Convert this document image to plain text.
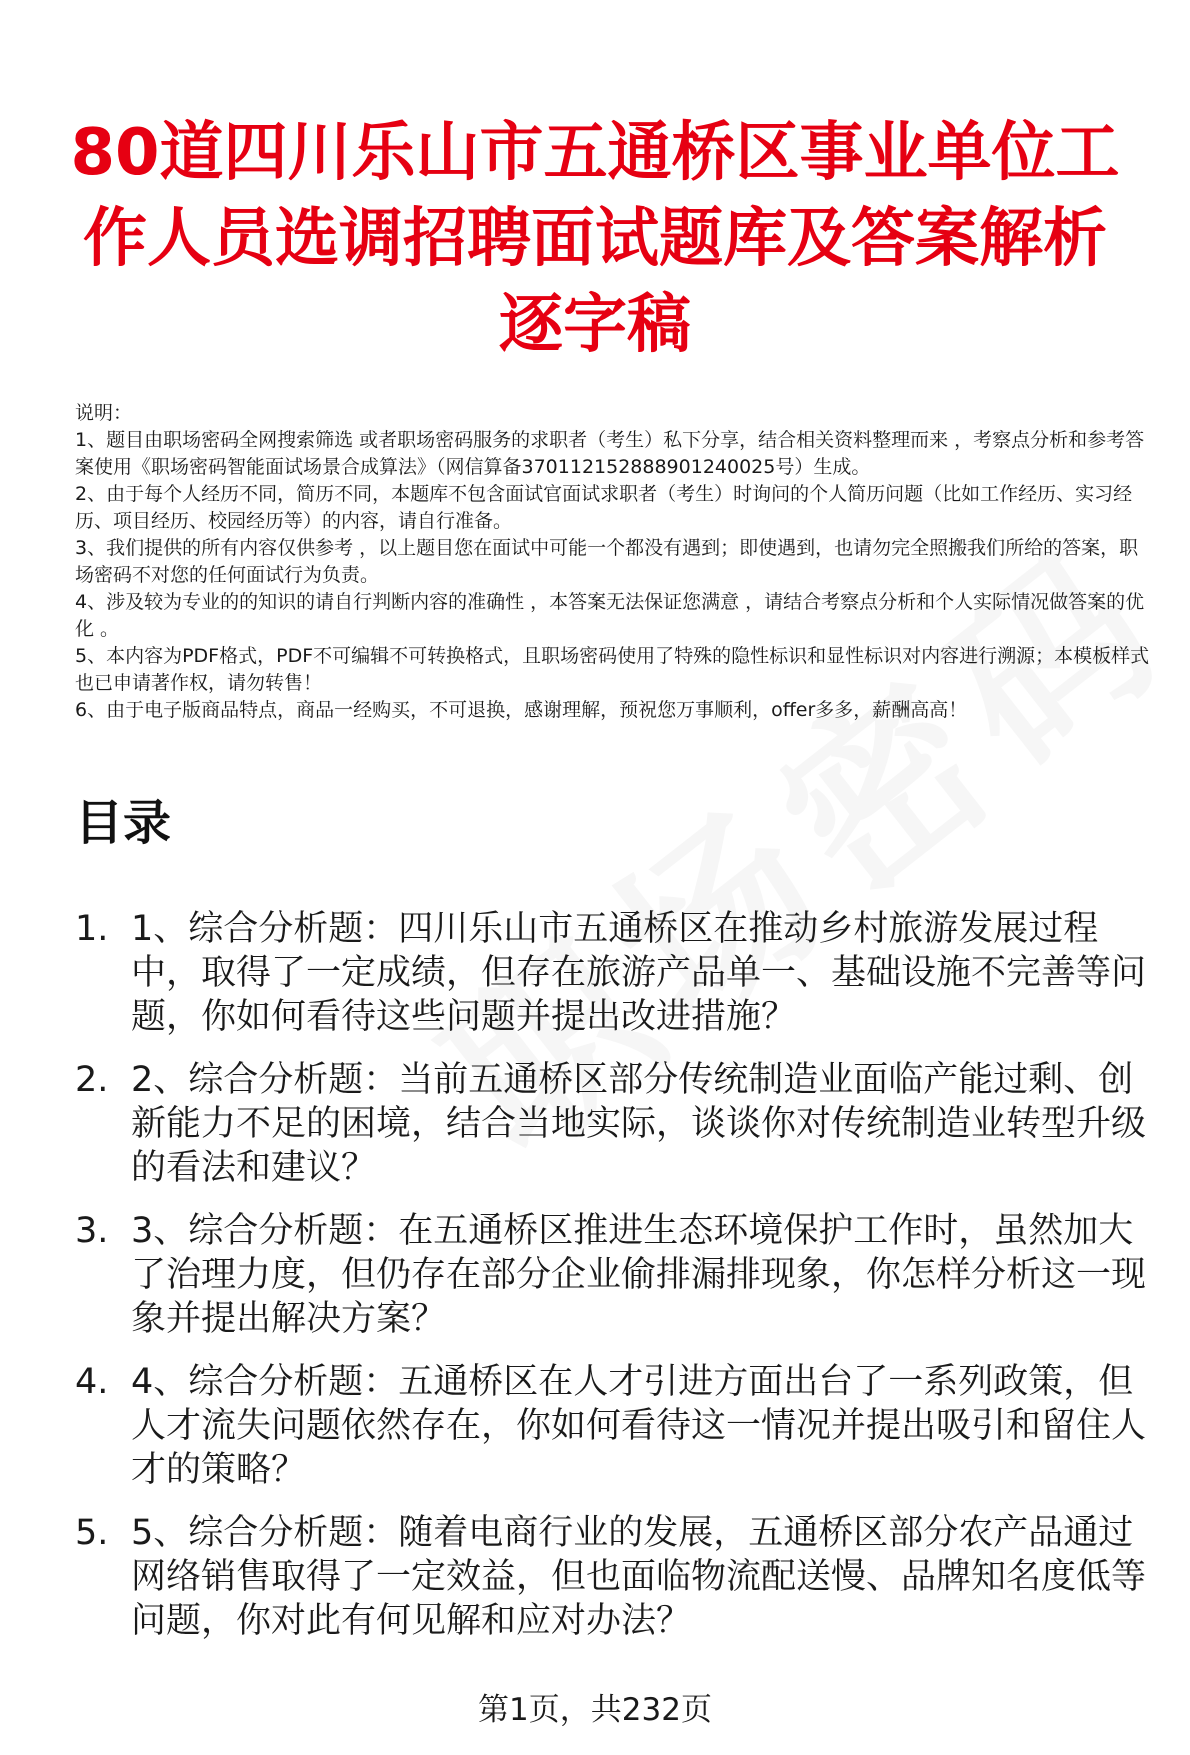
80道四川乐山市五通桥区事业单位工作人员选调招聘面试题库及答案解析逐字稿

说明：

1、题目由职场密码全网搜索筛选 或者职场密码服务的求职者（考生）私下分享，结合相关资料整理而来 ，考察点分析和参考答案使用《职场密码智能面试场景合成算法》（网信算备370112152888901240025号）生成。

2、由于每个人经历不同，简历不同，本题库不包含面试官面试求职者（考生）时询问的个人简历问题（比如工作经历、实习经历、项目经历、校园经历等）的内容，请自行准备。

3、我们提供的所有内容仅供参考 ，以上题目您在面试中可能一个都没有遇到；即使遇到，也请勿完全照搬我们所给的答案，职场密码不对您的任何面试行为负责。

4、涉及较为专业的的知识的请自行判断内容的准确性 ，本答案无法保证您满意 ，请结合考察点分析和个人实际情况做答案的优化 。

5、本内容为PDF格式，PDF不可编辑不可转换格式，且职场密码使用了特殊的隐性标识和显性标识对内容进行溯源；本模板样式也已申请著作权，请勿转售！

6、由于电子版商品特点，商品一经购买，不可退换，感谢理解，预祝您万事顺利，offer多多，薪酬高高！

目录
1. 1、综合分析题：四川乐山市五通桥区在推动乡村旅游发展过程中，取得了一定成绩，但存在旅游产品单一、基础设施不完善等问题，你如何看待这些问题并提出改进措施？
2. 2、综合分析题：当前五通桥区部分传统制造业面临产能过剩、创新能力不足的困境，结合当地实际，谈谈你对传统制造业转型升级的看法和建议？
3. 3、综合分析题：在五通桥区推进生态环境保护工作时，虽然加大了治理力度，但仍存在部分企业偷排漏排现象，你怎样分析这一现象并提出解决方案？
4. 4、综合分析题：五通桥区在人才引进方面出台了一系列政策，但人才流失问题依然存在，你如何看待这一情况并提出吸引和留住人才的策略？
5. 5、综合分析题：随着电商行业的发展，五通桥区部分农产品通过网络销售取得了一定效益，但也面临物流配送慢、品牌知名度低等问题，你对此有何见解和应对办法？
第1页，共232页
